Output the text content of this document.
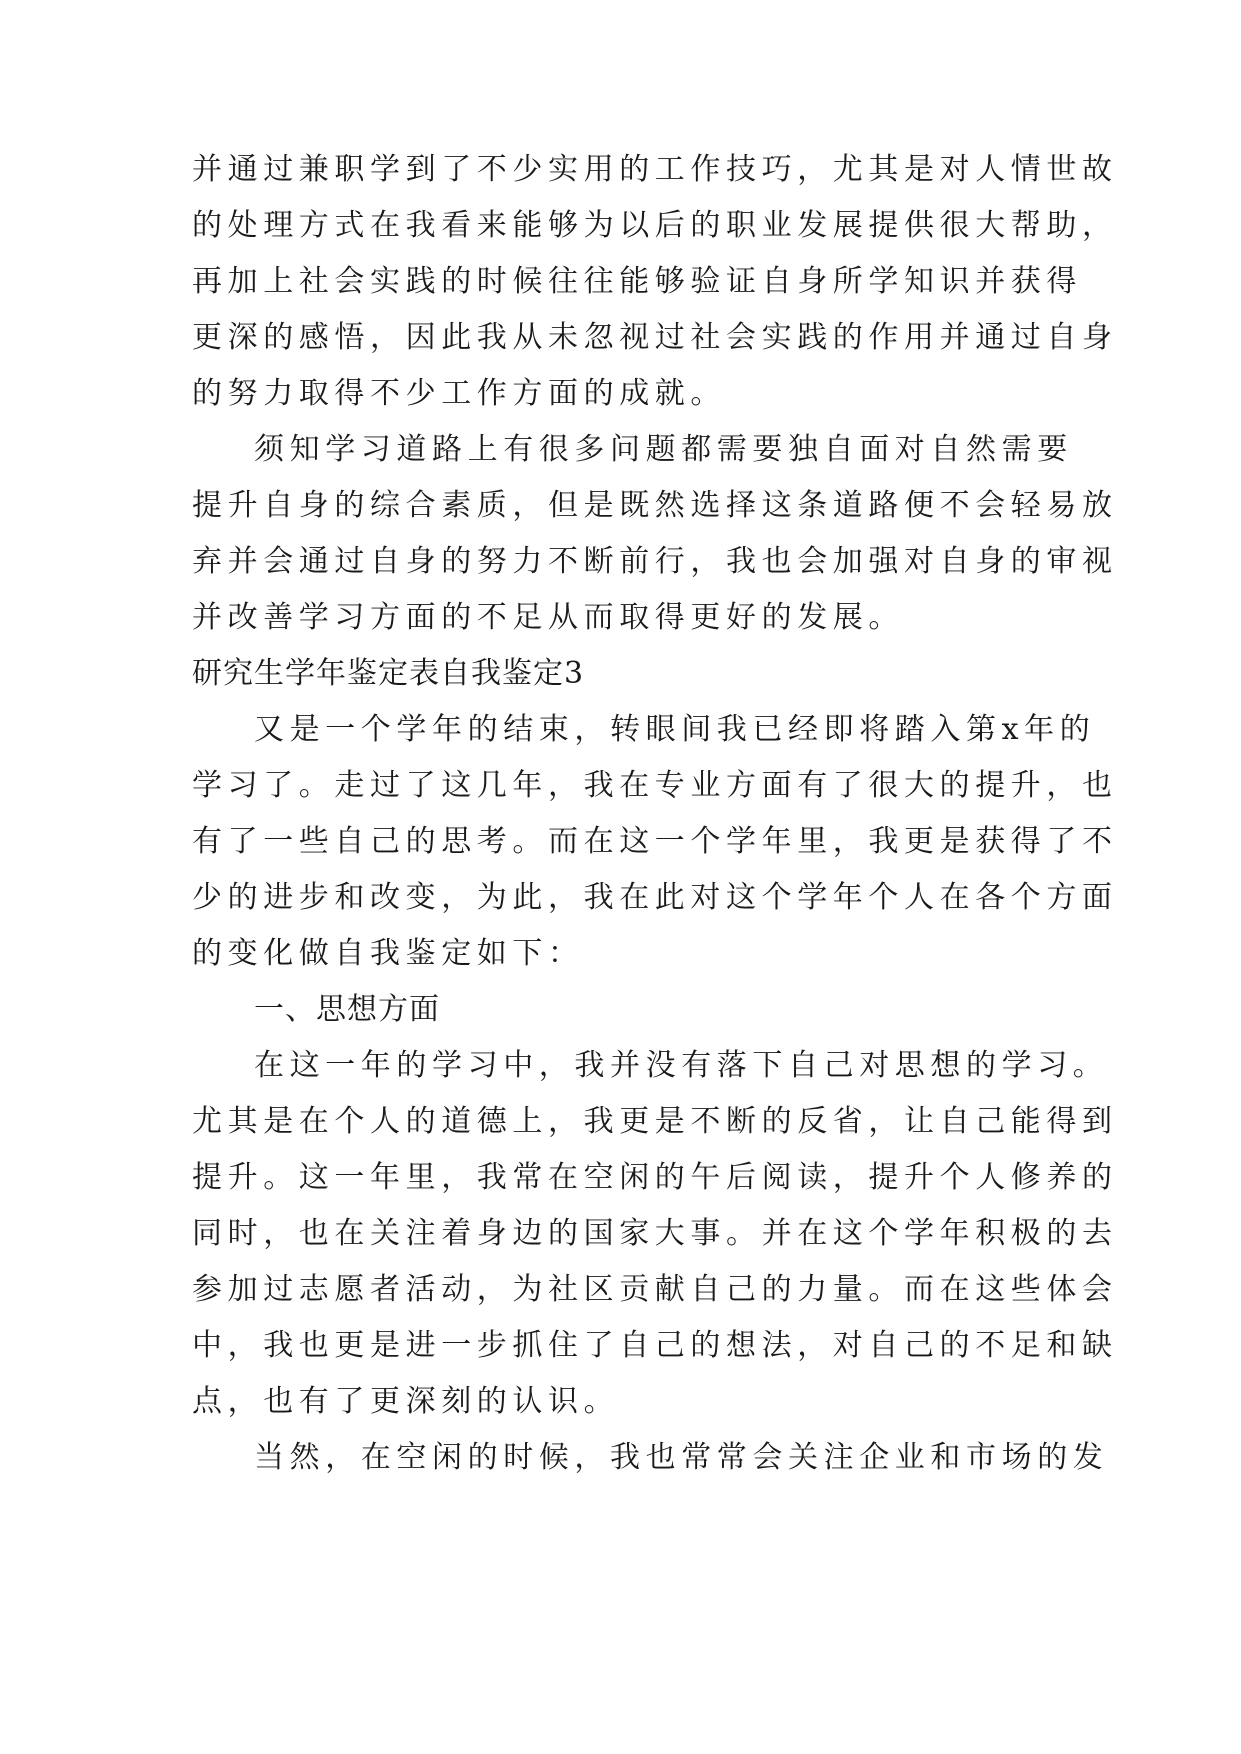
并通过兼职学到了不少实用的工作技巧，尤其是对人情世故

的处理方式在我看来能够为以后的职业发展提供很大帮助，

再加上社会实践的时候往往能够验证自身所学知识并获得

更深的感悟，因此我从未忽视过社会实践的作用并通过自身

的努力取得不少工作方面的成就。

须知学习道路上有很多问题都需要独自面对自然需要

提升自身的综合素质，但是既然选择这条道路便不会轻易放

弃并会通过自身的努力不断前行，我也会加强对自身的审视

并改善学习方面的不足从而取得更好的发展。

研究生学年鉴定表自我鉴定3

又是一个学年的结束，转眼间我已经即将踏入第x年的

学习了。走过了这几年，我在专业方面有了很大的提升，也

有了一些自己的思考。而在这一个学年里，我更是获得了不

少的进步和改变，为此，我在此对这个学年个人在各个方面

的变化做自我鉴定如下：

一、思想方面

在这一年的学习中，我并没有落下自己对思想的学习。

尤其是在个人的道德上，我更是不断的反省，让自己能得到

提升。这一年里，我常在空闲的午后阅读，提升个人修养的

同时，也在关注着身边的国家大事。并在这个学年积极的去

参加过志愿者活动，为社区贡献自己的力量。而在这些体会

中，我也更是进一步抓住了自己的想法，对自己的不足和缺

点，也有了更深刻的认识。

当然，在空闲的时候，我也常常会关注企业和市场的发
